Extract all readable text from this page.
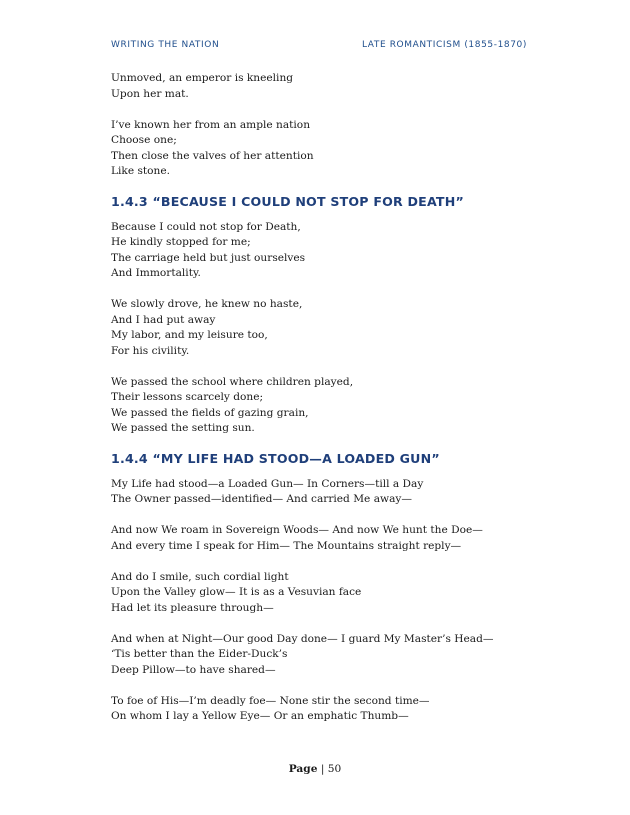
WRITING THE NATION	LATE ROMANTICISM (1855-1870)
Unmoved, an emperor is kneeling
Upon her mat.
I’ve known her from an ample nation
Choose one;
Then close the valves of her attention
Like stone.
1.4.3 “BECAUSE I COULD NOT STOP FOR DEATH”
Because I could not stop for Death,
He kindly stopped for me;
The carriage held but just ourselves
And Immortality.
We slowly drove, he knew no haste,
And I had put away
My labor, and my leisure too,
For his civility.
We passed the school where children played,
Their lessons scarcely done;
We passed the fields of gazing grain,
We passed the setting sun.
1.4.4 “MY LIFE HAD STOOD—A LOADED GUN”
My Life had stood—a Loaded Gun— In Corners—till a Day
The Owner passed—identified— And carried Me away—
And now We roam in Sovereign Woods— And now We hunt the Doe—
And every time I speak for Him— The Mountains straight reply—
And do I smile, such cordial light
Upon the Valley glow— It is as a Vesuvian face
Had let its pleasure through—
And when at Night—Our good Day done— I guard My Master’s Head—
‘Tis better than the Eider-Duck’s
Deep Pillow—to have shared—
To foe of His—I’m deadly foe— None stir the second time—
On whom I lay a Yellow Eye— Or an emphatic Thumb—
Page | 50
